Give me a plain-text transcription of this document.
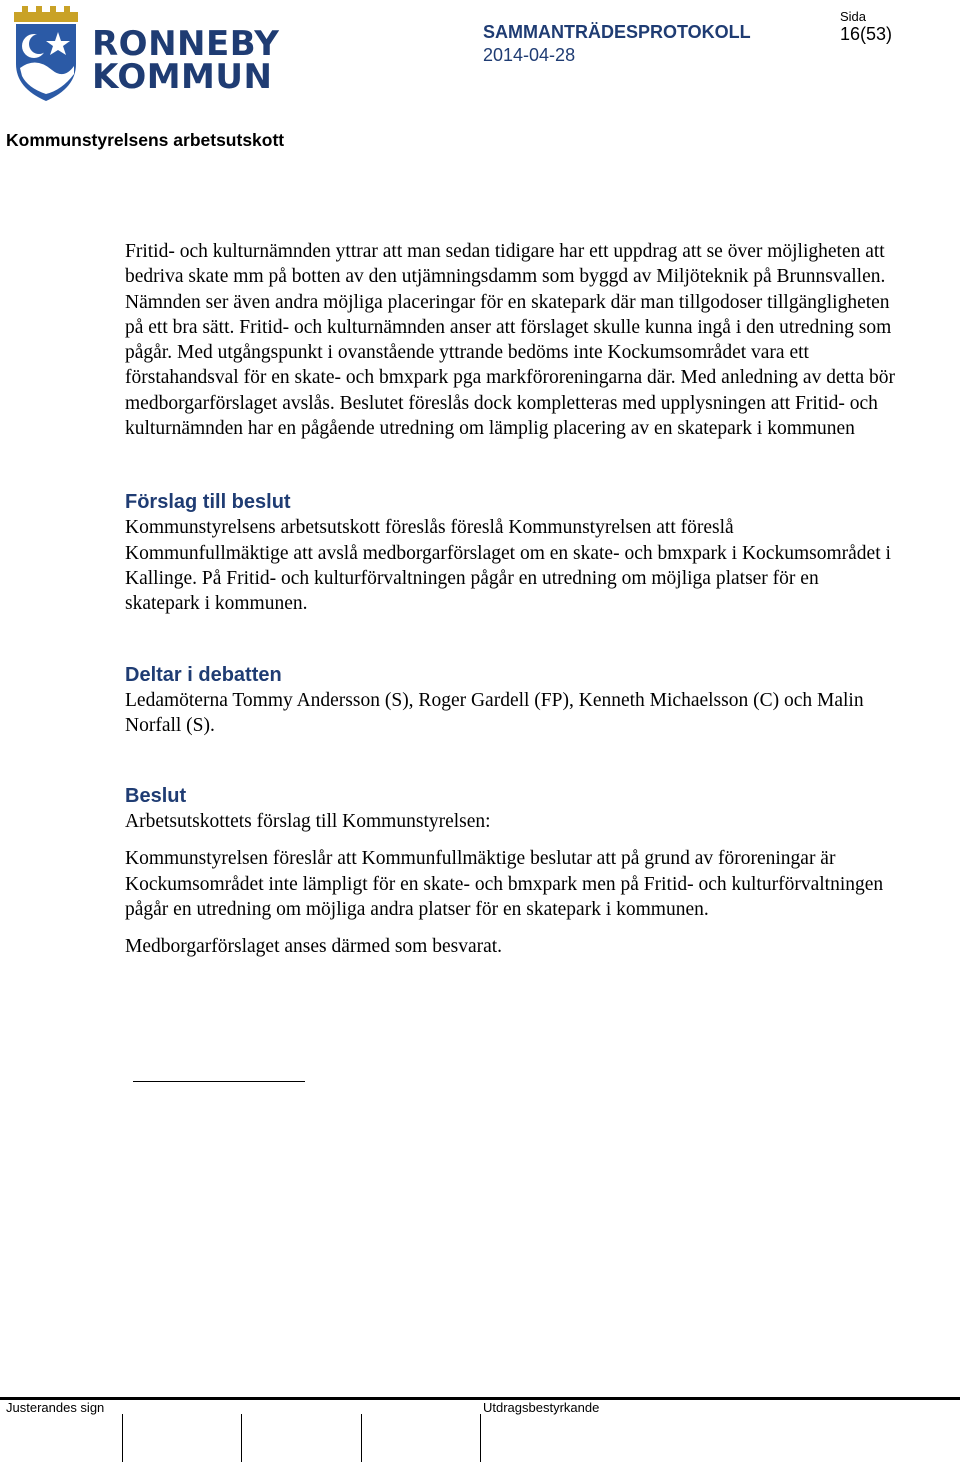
RONNEBY
KOMMUN
SAMMANTRÄDESPROTOKOLL
2014-04-28
Sida
16(53)
Kommunstyrelsens arbetsutskott

Fritid- och kulturnämnden yttrar att man sedan tidigare har ett uppdrag att se över möjligheten att bedriva skate mm på botten av den utjämningsdamm som byggd av Miljöteknik på Brunnsvallen. Nämnden ser även andra möjliga placeringar för en skatepark där man tillgodoser tillgängligheten på ett bra sätt. Fritid- och kulturnämnden anser att förslaget skulle kunna ingå i den utredning som pågår. Med utgångspunkt i ovanstående yttrande bedöms inte Kockumsområdet vara ett förstahandsval för en skate- och bmxpark pga markföroreningarna där. Med anledning av detta bör medborgarförslaget avslås. Beslutet föreslås dock kompletteras med upplysningen att Fritid- och kulturnämnden har en pågående utredning om lämplig placering av en skatepark i kommunen

Förslag till beslut

Kommunstyrelsens arbetsutskott föreslås föreslå Kommunstyrelsen att föreslå Kommunfullmäktige att avslå medborgarförslaget om en skate- och bmxpark i Kockumsområdet i Kallinge. På Fritid- och kulturförvaltningen pågår en utredning om möjliga platser för en skatepark i kommunen.

Deltar i debatten

Ledamöterna Tommy Andersson (S), Roger Gardell (FP), Kenneth Michaelsson (C) och Malin Norfall (S).

Beslut

Arbetsutskottets förslag till Kommunstyrelsen:

Kommunstyrelsen föreslår att Kommunfullmäktige beslutar att på grund av föroreningar är Kockumsområdet inte lämpligt för en skate- och bmxpark men på Fritid- och kulturförvaltningen pågår en utredning om möjliga andra platser för en skatepark i kommunen.

Medborgarförslaget anses därmed som besvarat.

Justerandes sign	Utdragsbestyrkande
